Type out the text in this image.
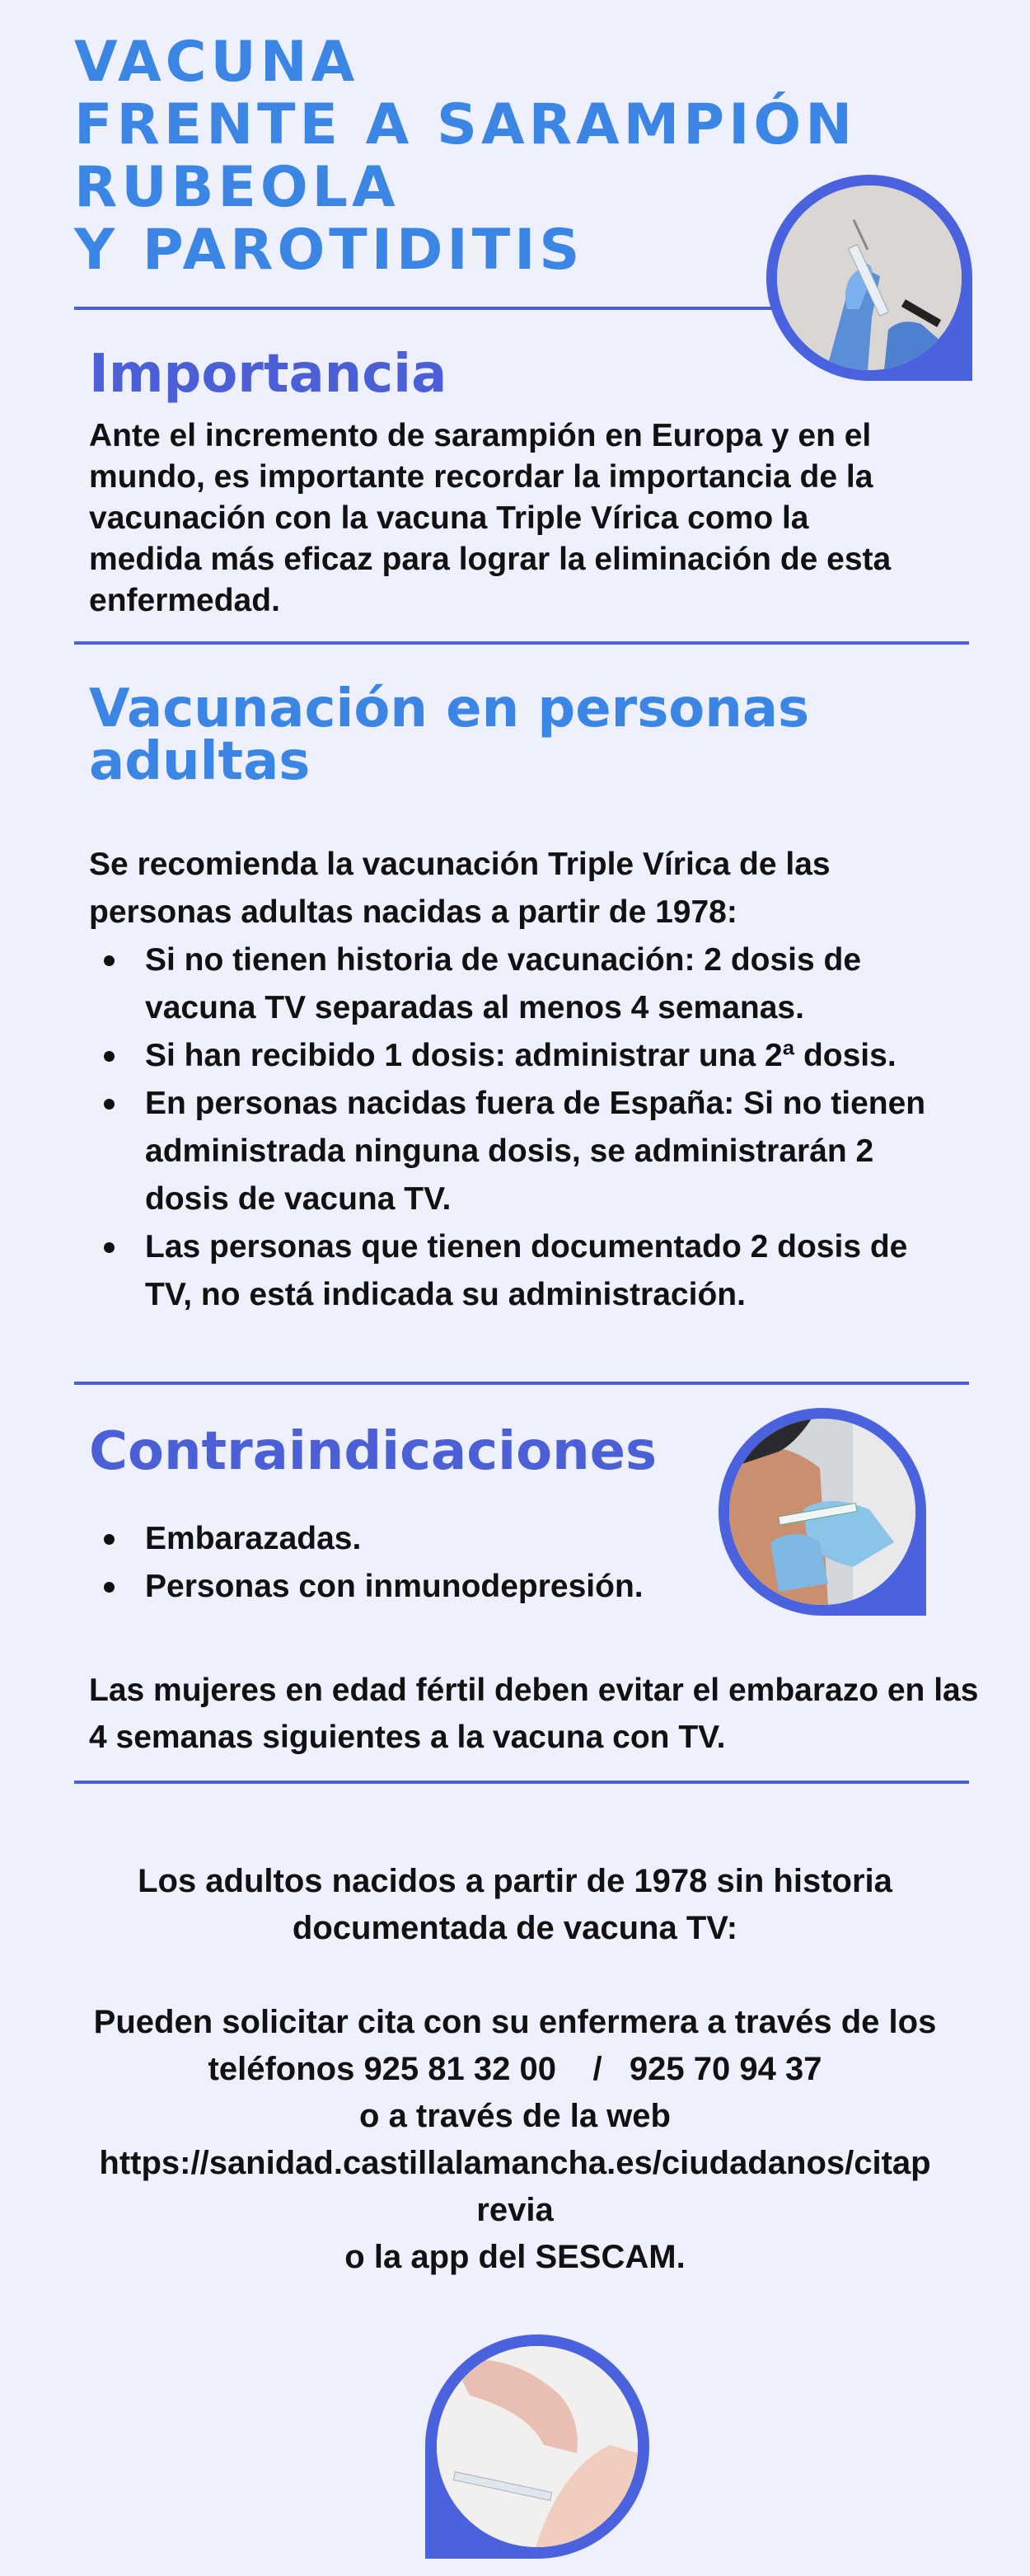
VACUNA
FRENTE A SARAMPIÓN
RUBEOLA
Y PAROTIDITIS
Importancia

Ante el incremento de sarampión en Europa y en el mundo, es importante recordar la importancia de la vacunación con la vacuna Triple Vírica como la medida más eficaz para lograr la eliminación de esta enfermedad.

Vacunación en personas
adultas

Se recomienda la vacunación Triple Vírica de las personas adultas nacidas a partir de 1978:

Si no tienen historia de vacunación: 2 dosis de vacuna TV separadas al menos 4 semanas.
Si han recibido 1 dosis: administrar una 2ª dosis.
En personas nacidas fuera de España: Si no tienen administrada ninguna dosis, se administrarán 2 dosis de vacuna TV.
Las personas que tienen documentado 2 dosis de TV, no está indicada su administración.
Contraindicaciones
Embarazadas.
Personas con inmunodepresión.

Las mujeres en edad fértil deben evitar el embarazo en las 4 semanas siguientes a la vacuna con TV.

Los adultos nacidos a partir de 1978 sin historia
documentada de vacuna TV:
Pueden solicitar cita con su enfermera a través de los
teléfonos 925 81 32 00    /   925 70 94 37
o a través de la web
https://sanidad.castillalamancha.es/ciudadanos/citap
revia
o la app del SESCAM.
